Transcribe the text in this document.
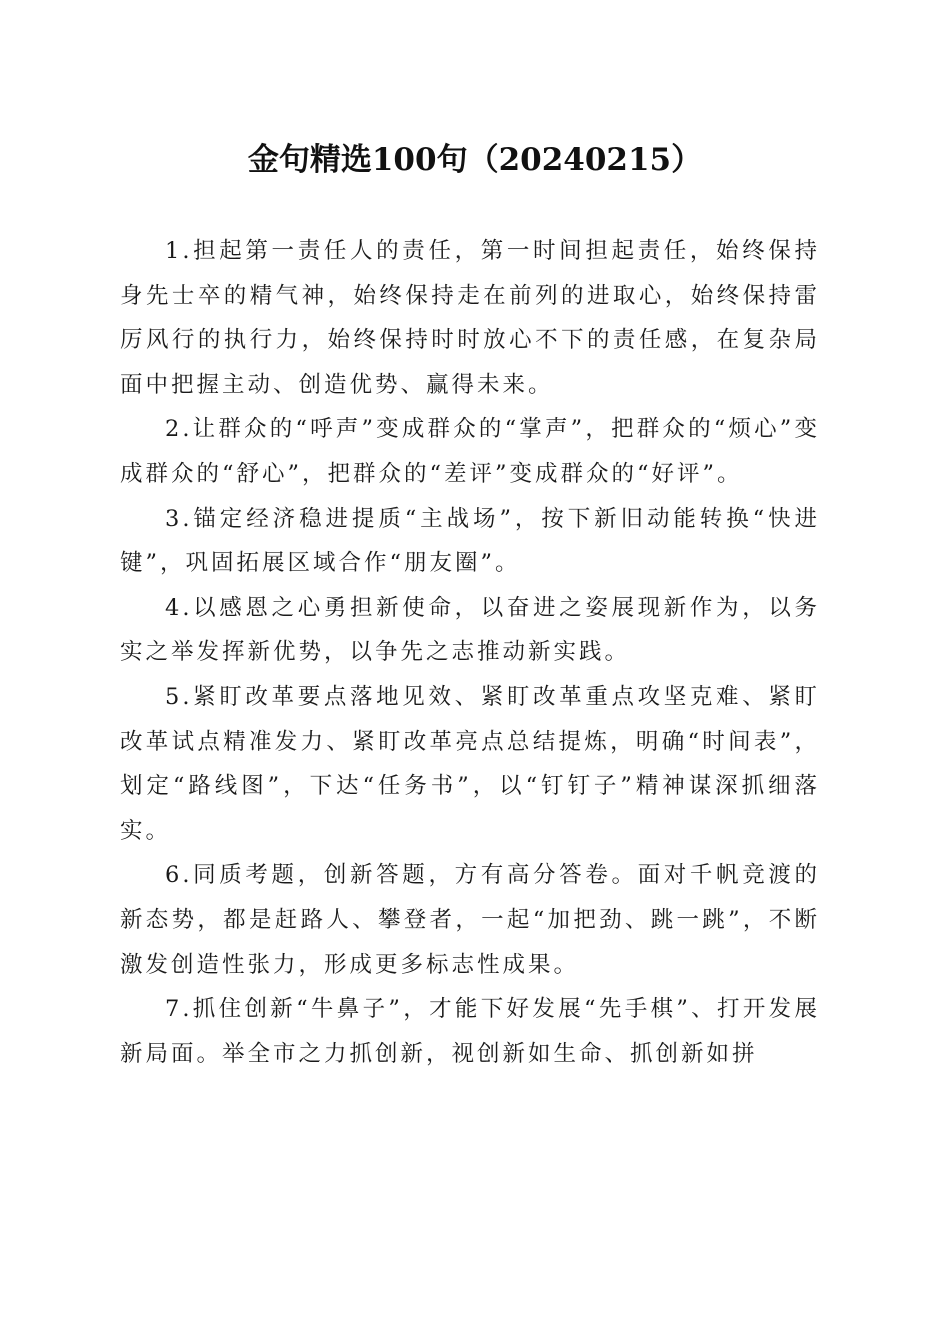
金句精选100句（20240215）

1.担起第一责任人的责任，第一时间担起责任，始终保持身先士卒的精气神，始终保持走在前列的进取心，始终保持雷厉风行的执行力，始终保持时时放心不下的责任感，在复杂局面中把握主动、创造优势、赢得未来。

2.让群众的“呼声”变成群众的“掌声”，把群众的“烦心”变成群众的“舒心”，把群众的“差评”变成群众的“好评”。

3.锚定经济稳进提质“主战场”，按下新旧动能转换“快进键”，巩固拓展区域合作“朋友圈”。

4.以感恩之心勇担新使命，以奋进之姿展现新作为，以务实之举发挥新优势，以争先之志推动新实践。

5.紧盯改革要点落地见效、紧盯改革重点攻坚克难、紧盯改革试点精准发力、紧盯改革亮点总结提炼，明确“时间表”，划定“路线图”，下达“任务书”，以“钉钉子”精神谋深抓细落实。

6.同质考题，创新答题，方有高分答卷。面对千帆竞渡的新态势，都是赶路人、攀登者，一起“加把劲、跳一跳”，不断激发创造性张力，形成更多标志性成果。

7.抓住创新“牛鼻子”，才能下好发展“先手棋”、打开发展新局面。举全市之力抓创新，视创新如生命、抓创新如拼
